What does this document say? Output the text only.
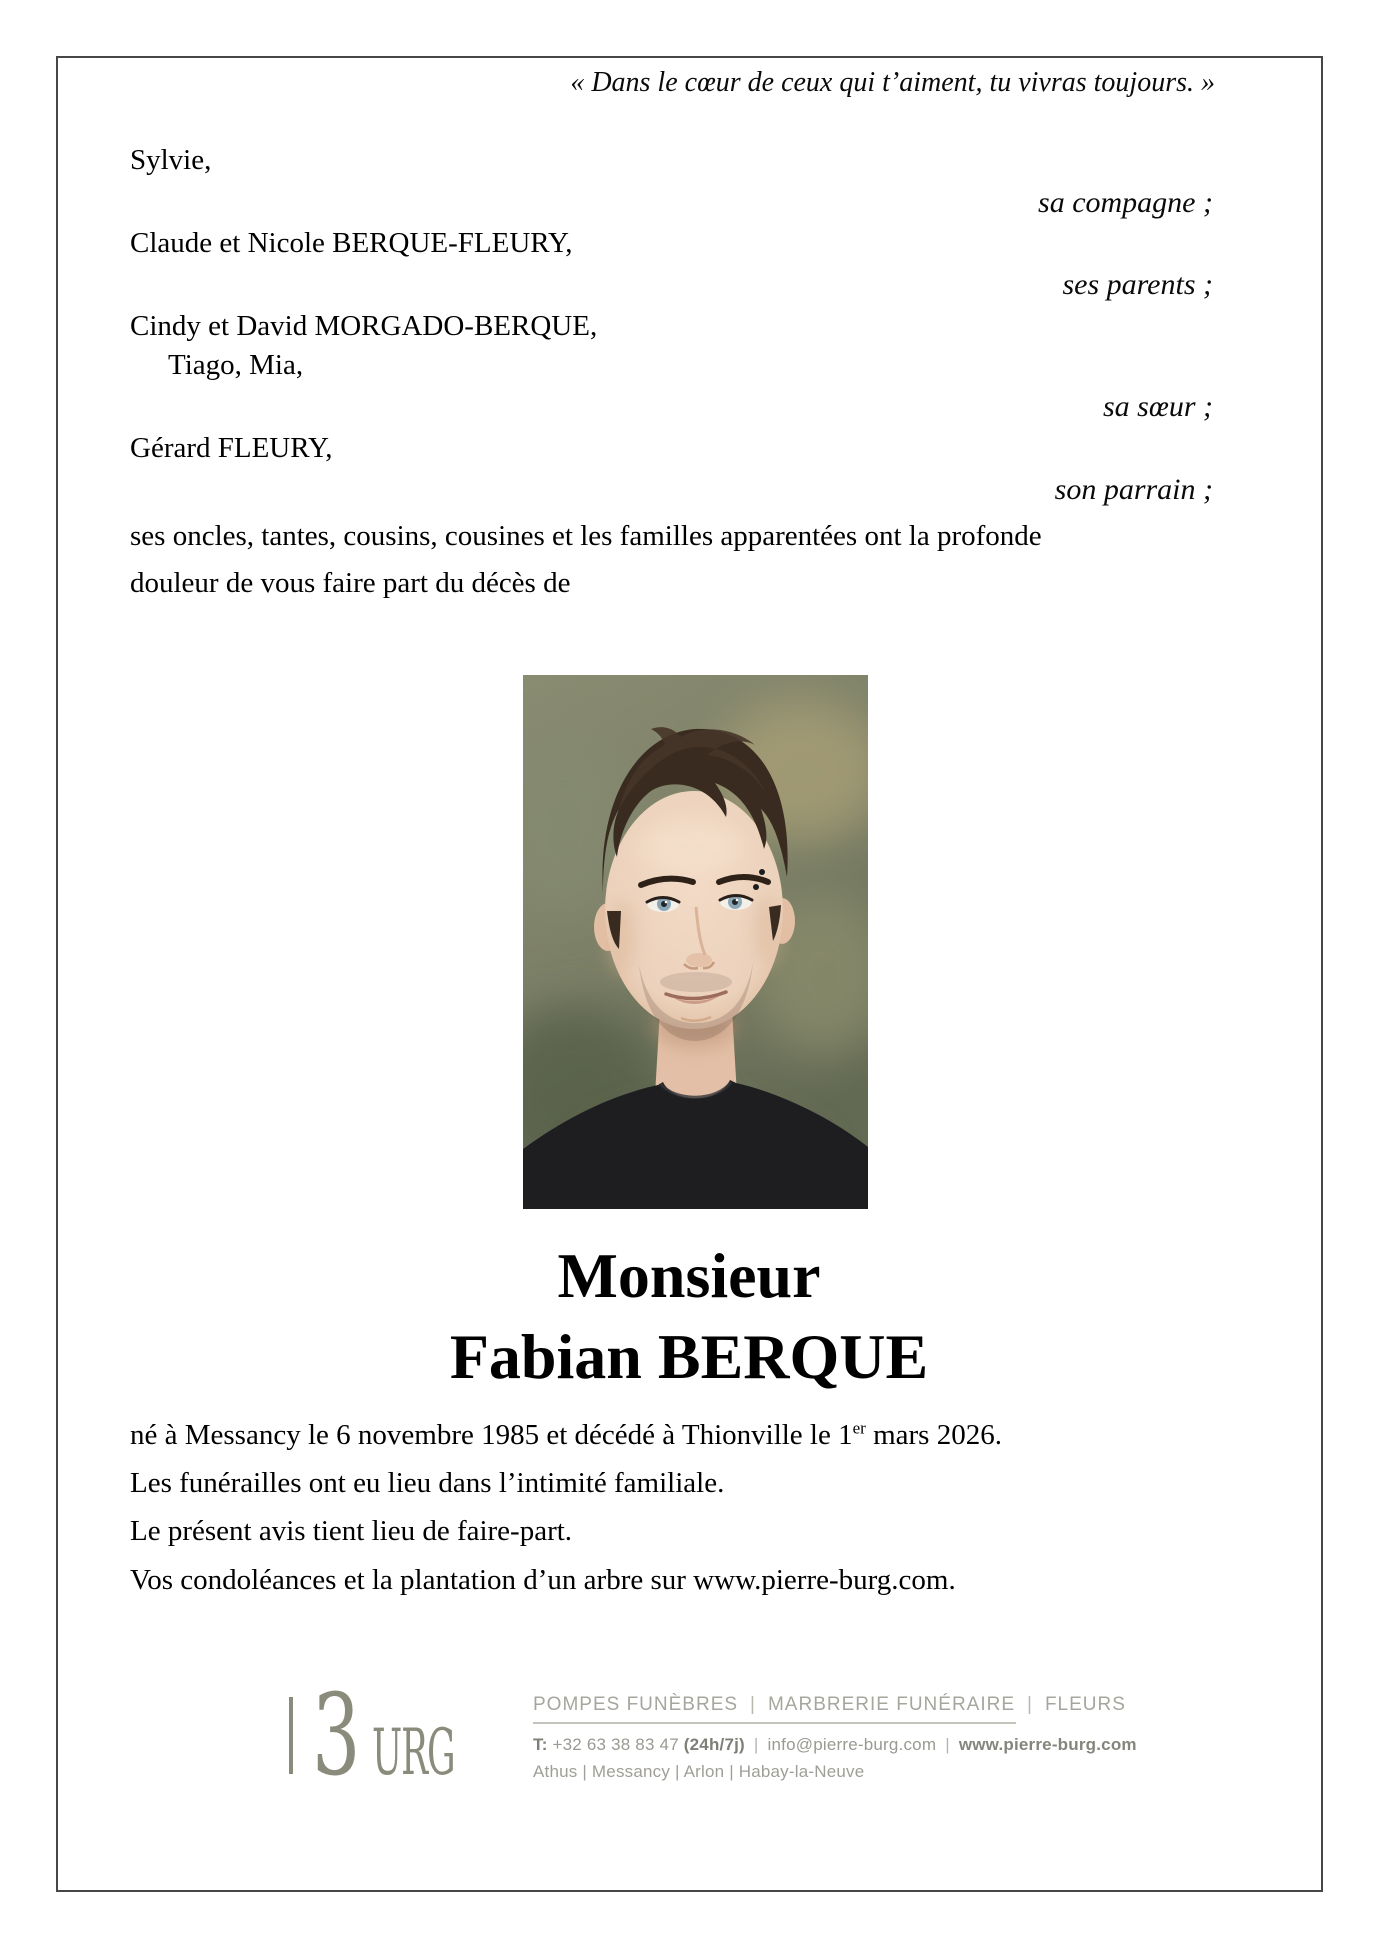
« Dans le cœur de ceux qui t’aiment, tu vivras toujours. »
Sylvie,
sa compagne ;
Claude et Nicole BERQUE-FLEURY,
ses parents ;
Cindy et David MORGADO-BERQUE,
Tiago, Mia,
sa sœur ;
Gérard FLEURY,
son parrain ;
ses oncles, tantes, cousins, cousines et les familles apparentées ont la profonde
douleur de vous faire part du décès de
Monsieur
Fabian BERQUE
né à Messancy le 6 novembre 1985 et décédé à Thionville le 1er mars 2026.
Les funérailles ont eu lieu dans l’intimité familiale.
Le présent avis tient lieu de faire-part.
Vos condoléances et la plantation d’un arbre sur www.pierre-burg.com.
3 URG
POMPES FUNÈBRES | MARBRERIE FUNÉRAIRE | FLEURS
T: +32 63 38 83 47 (24h/7j) | info@pierre-burg.com | www.pierre-burg.com
Athus | Messancy | Arlon | Habay-la-Neuve
